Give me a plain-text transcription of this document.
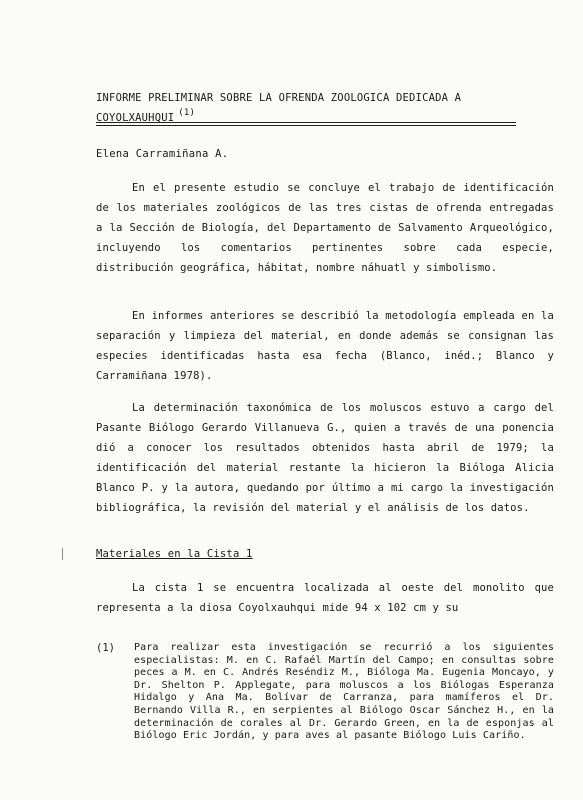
INFORME PRELIMINAR SOBRE LA OFRENDA ZOOLOGICA DEDICADA A COYOLXAUHQUI $^{(1)}$
Elena Carramiñana A.

En el presente estudio se concluye el trabajo de identificación de los materiales zoológicos de las tres cistas de ofrenda entregadas a la Sección de Biología, del Departamento de Salvamento Arqueológico, incluyendo los comentarios pertinentes sobre cada especie, distribución geográfica, hábitat, nombre náhuatl y simbolismo.

En informes anteriores se describió la metodología empleada en la separación y limpieza del material, en donde además se consignan las especies identificadas hasta esa fecha (Blanco, inéd.; Blanco y Carramiñana 1978).

La determinación taxonómica de los moluscos estuvo a cargo del Pasante Biólogo Gerardo Villanueva G., quien a través de una ponencia dió a conocer los resultados obtenidos hasta abril de 1979; la identificación del material restante la hicieron la Bióloga Alicia Blanco P. y la autora, quedando por último a mi cargo la investigación bibliográfica, la revisión del material y el análisis de los datos.

Materiales en la Cista 1

La cista 1 se encuentra localizada al oeste del monolito que representa a la diosa Coyolxauhqui mide 94 x 102 cm y su

(1) Para realizar esta investigación se recurrió a los siguientes especialistas: M. en C. Rafaél Martín del Campo; en consultas sobre peces a M. en C. Andrés Reséndiz M., Bióloga Ma. Eugenia Moncayo, y Dr. Shelton P. Applegate, para moluscos a los Biólogas Esperanza Hidalgo y Ana Ma. Bolívar de Carranza, para mamíferos el Dr. Bernando Villa R., en serpientes al Biólogo Oscar Sánchez H., en la determinación de corales al Dr. Gerardo Green, en la de esponjas al Biólogo Eric Jordán, y para aves al pasante Biólogo Luis Cariño.
